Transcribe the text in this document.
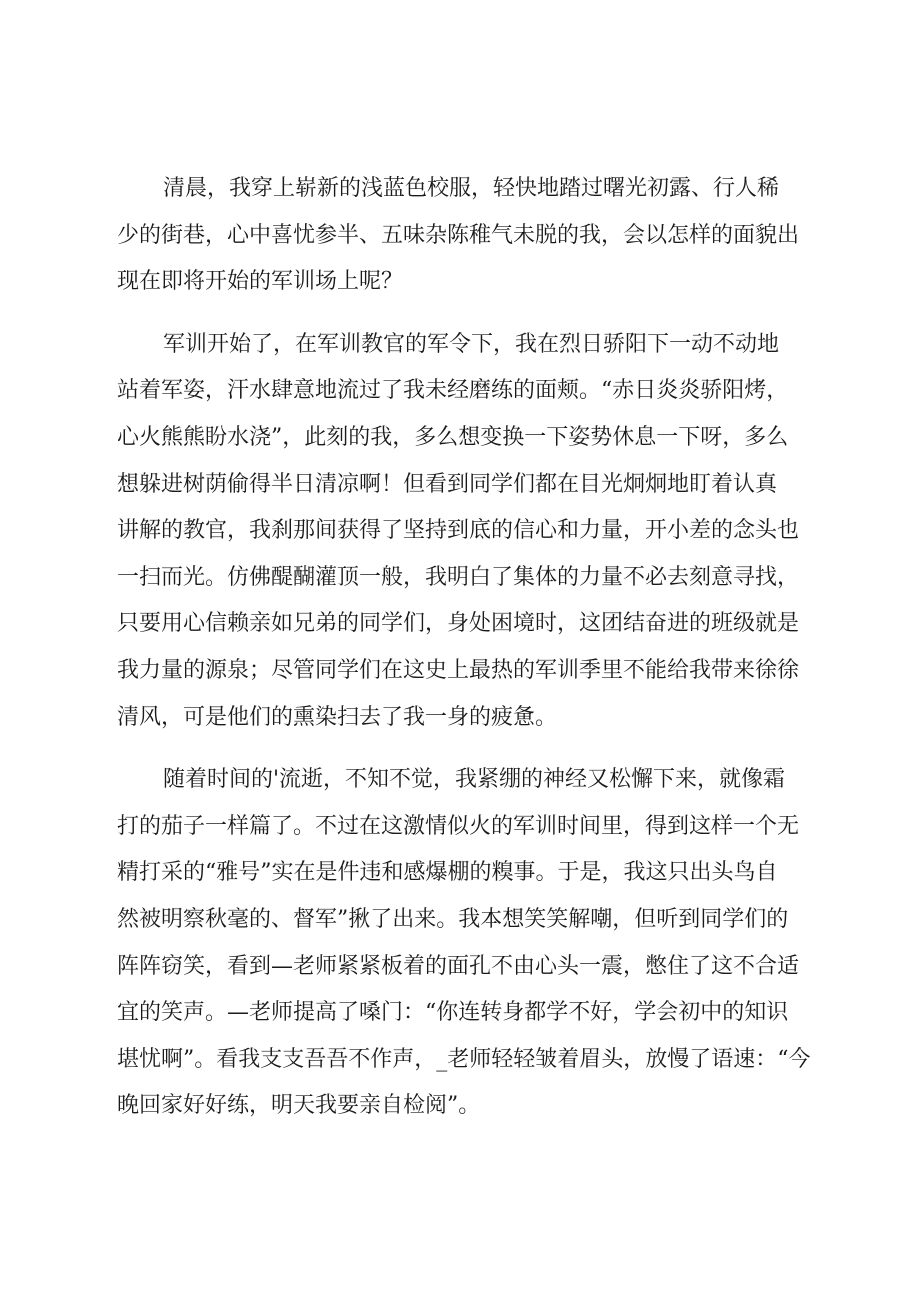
清晨，我穿上崭新的浅蓝色校服，轻快地踏过曙光初露、行人稀
少的街巷，心中喜忧参半、五味杂陈稚气未脱的我，会以怎样的面貌出
现在即将开始的军训场上呢？
军训开始了，在军训教官的军令下，我在烈日骄阳下一动不动地
站着军姿，汗水肆意地流过了我未经磨练的面颊。“赤日炎炎骄阳烤，
心火熊熊盼水浇”，此刻的我，多么想变换一下姿势休息一下呀，多么
想躲进树荫偷得半日清凉啊！但看到同学们都在目光炯炯地盯着认真
讲解的教官，我刹那间获得了坚持到底的信心和力量，开小差的念头也
一扫而光。仿佛醍醐灌顶一般，我明白了集体的力量不必去刻意寻找，
只要用心信赖亲如兄弟的同学们，身处困境时，这团结奋进的班级就是
我力量的源泉；尽管同学们在这史上最热的军训季里不能给我带来徐徐
清风，可是他们的熏染扫去了我一身的疲惫。
随着时间的'流逝，不知不觉，我紧绷的神经又松懈下来，就像霜
打的茄子一样篇了。不过在这激情似火的军训时间里，得到这样一个无
精打采的“雅号”实在是件违和感爆棚的糗事。于是，我这只出头鸟自
然被明察秋毫的、督军”揪了出来。我本想笑笑解嘲，但听到同学们的
阵阵窃笑，看到—老师紧紧板着的面孔不由心头一震，憋住了这不合适
宜的笑声。—老师提高了嗓门：“你连转身都学不好，学会初中的知识
堪忧啊”。看我支支吾吾不作声，_老师轻轻皱着眉头，放慢了语速：“今
晚回家好好练，明天我要亲自检阅”。
